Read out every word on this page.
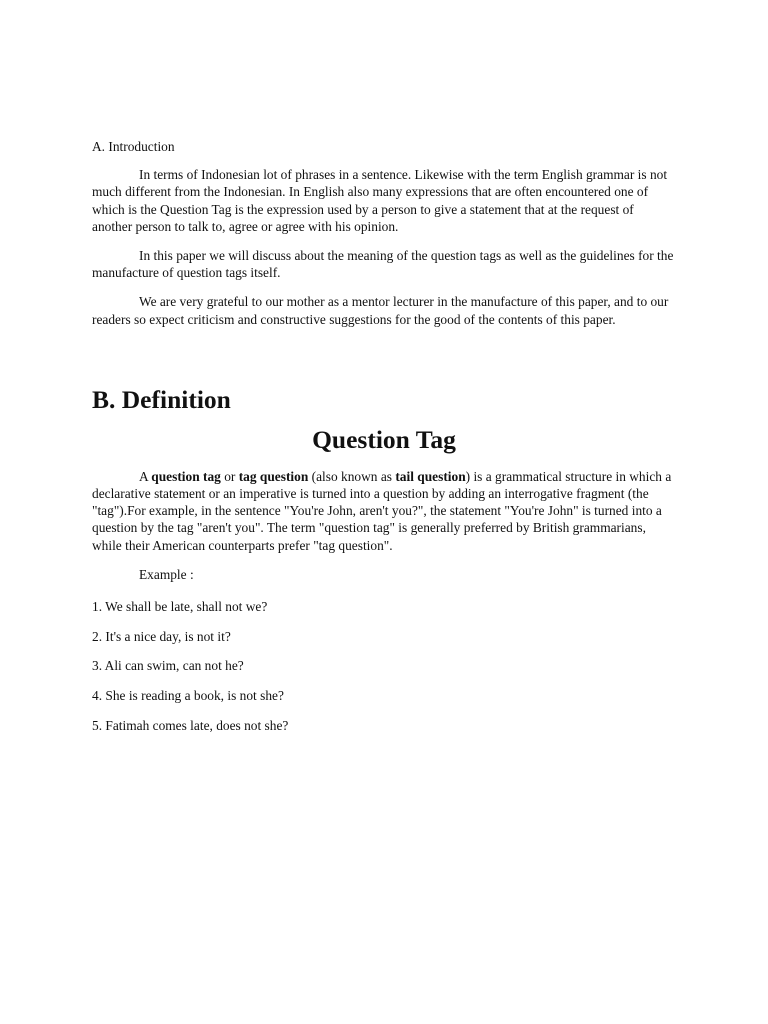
A. Introduction

In terms of Indonesian lot of phrases in a sentence. Likewise with the term English grammar is not much different from the Indonesian. In English also many expressions that are often encountered one of which is the Question Tag is the expression used by a person to give a statement that at the request of another person to talk to, agree or agree with his opinion.

In this paper we will discuss about the meaning of the question tags as well as the guidelines for the manufacture of question tags itself.

We are very grateful to our mother as a mentor lecturer in the manufacture of this paper, and to our readers so expect criticism and constructive suggestions for the good of the contents of this paper.

B. Definition
Question Tag

A question tag or tag question (also known as tail question) is a grammatical structure in which a declarative statement or an imperative is turned into a question by adding an interrogative fragment (the "tag").For example, in the sentence "You're John, aren't you?", the statement "You're John" is turned into a question by the tag "aren't you". The term "question tag" is generally preferred by British grammarians, while their American counterparts prefer "tag question".

Example :

1. We shall be late, shall not we?
2. It's a nice day, is not it?
3. Ali can swim, can not he?
4. She is reading a book, is not she?
5. Fatimah comes late, does not she?
